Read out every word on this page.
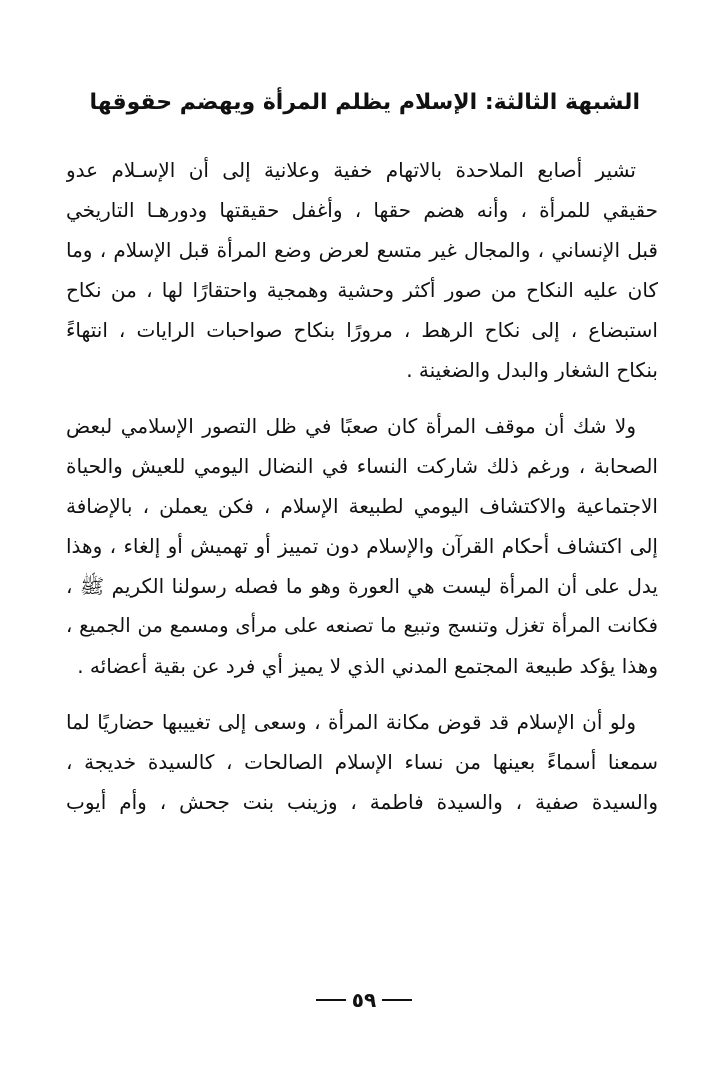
الشبهة الثالثة: الإسلام يظلم المرأة ويهضم حقوقها
تشير أصابع الملاحدة بالاتهام خفية وعلانية إلى أن الإسـلام عدو
حقيقي للمرأة ، وأنه هضم حقها ، وأغفل حقيقتها ودورهـا التاريخي
قبل الإنساني ، والمجال غير متسع لعرض وضع المرأة قبل الإسلام ، وما
كان عليه النكاح من صور أكثر وحشية وهمجية واحتقارًا لها ، من نكاح
استبضاع ، إلى نكاح الرهط ، مرورًا بنكاح صواحبات الرايات ، انتهاءً
بنكاح الشغار والبدل والضغينة .
ولا شك أن موقف المرأة كان صعبًا في ظل التصور الإسلامي لبعض
الصحابة ، ورغم ذلك شاركت النساء في النضال اليومي للعيش والحياة
الاجتماعية والاكتشاف اليومي لطبيعة الإسلام ، فكن يعملن ، بالإضافة
إلى اكتشاف أحكام القرآن والإسلام دون تمييز أو تهميش أو إلغاء ، وهذا
يدل على أن المرأة ليست هي العورة وهو ما فصله رسولنا الكريم ﷺ ،
فكانت المرأة تغزل وتنسج وتبيع ما تصنعه على مرأى ومسمع من الجميع ،
وهذا يؤكد طبيعة المجتمع المدني الذي لا يميز أي فرد عن بقية أعضائه .
ولو أن الإسلام قد قوض مكانة المرأة ، وسعى إلى تغييبها حضاريًا لما
سمعنا أسماءً بعينها من نساء الإسلام الصالحات ، كالسيدة خديجة ،
والسيدة صفية ، والسيدة فاطمة ، وزينب بنت جحش ، وأم أيوب
٥٩
